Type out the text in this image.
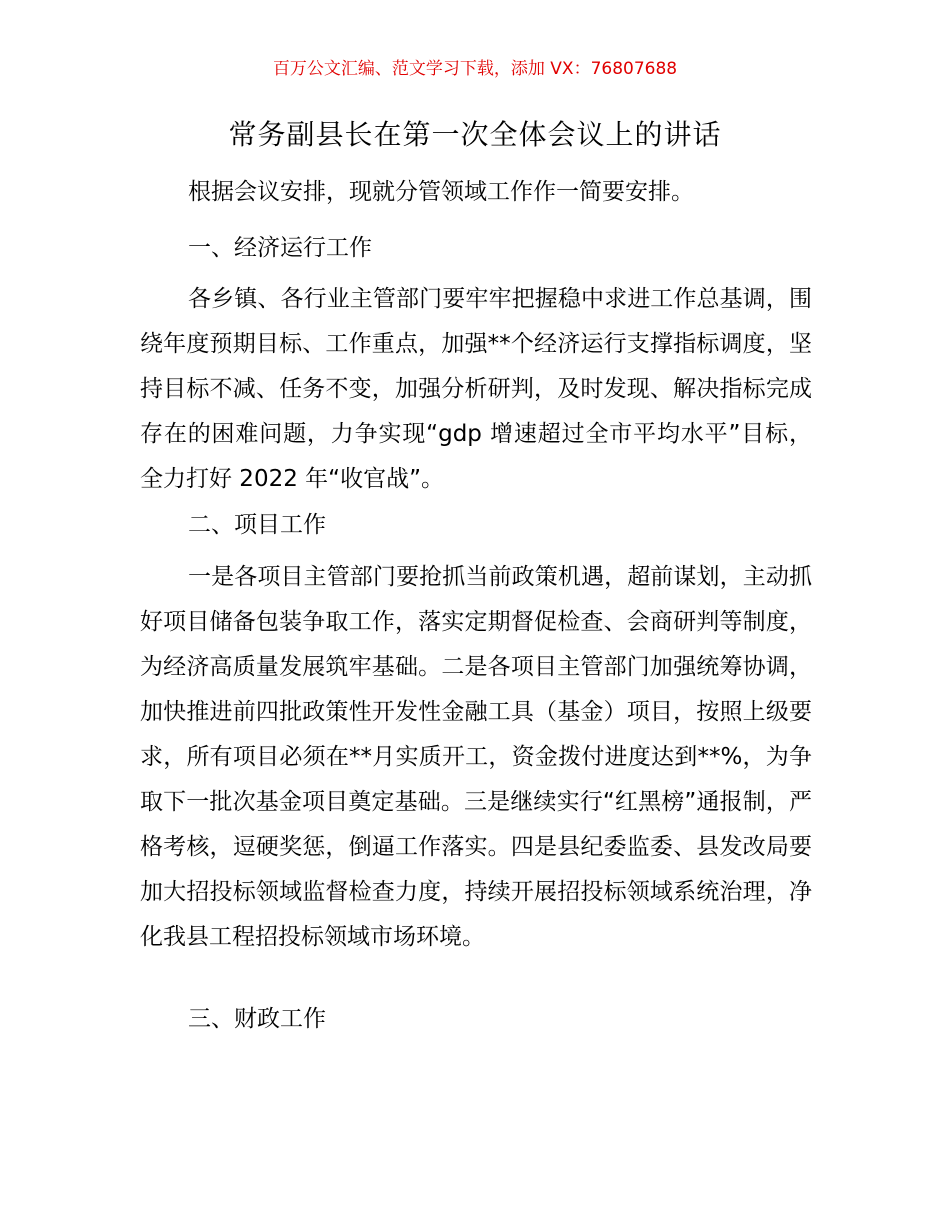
百万公文汇编、范文学习下载，添加 VX：76807688
常务副县长在第一次全体会议上的讲话

根据会议安排，现就分管领域工作作一简要安排。

一、经济运行工作

各乡镇、各行业主管部门要牢牢把握稳中求进工作总基调，围绕年度预期目标、工作重点，加强**个经济运行支撑指标调度，坚持目标不减、任务不变，加强分析研判，及时发现、解决指标完成存在的困难问题，力争实现“gdp 增速超过全市平均水平”目标，全力打好 2022 年“收官战”。

二、项目工作

一是各项目主管部门要抢抓当前政策机遇，超前谋划，主动抓好项目储备包装争取工作，落实定期督促检查、会商研判等制度，为经济高质量发展筑牢基础。二是各项目主管部门加强统筹协调，加快推进前四批政策性开发性金融工具（基金）项目，按照上级要求，所有项目必须在**月实质开工，资金拨付进度达到**%，为争取下一批次基金项目奠定基础。三是继续实行“红黑榜”通报制，严格考核，逗硬奖惩，倒逼工作落实。四是县纪委监委、县发改局要加大招投标领域监督检查力度，持续开展招投标领域系统治理，净化我县工程招投标领域市场环境。

三、财政工作
